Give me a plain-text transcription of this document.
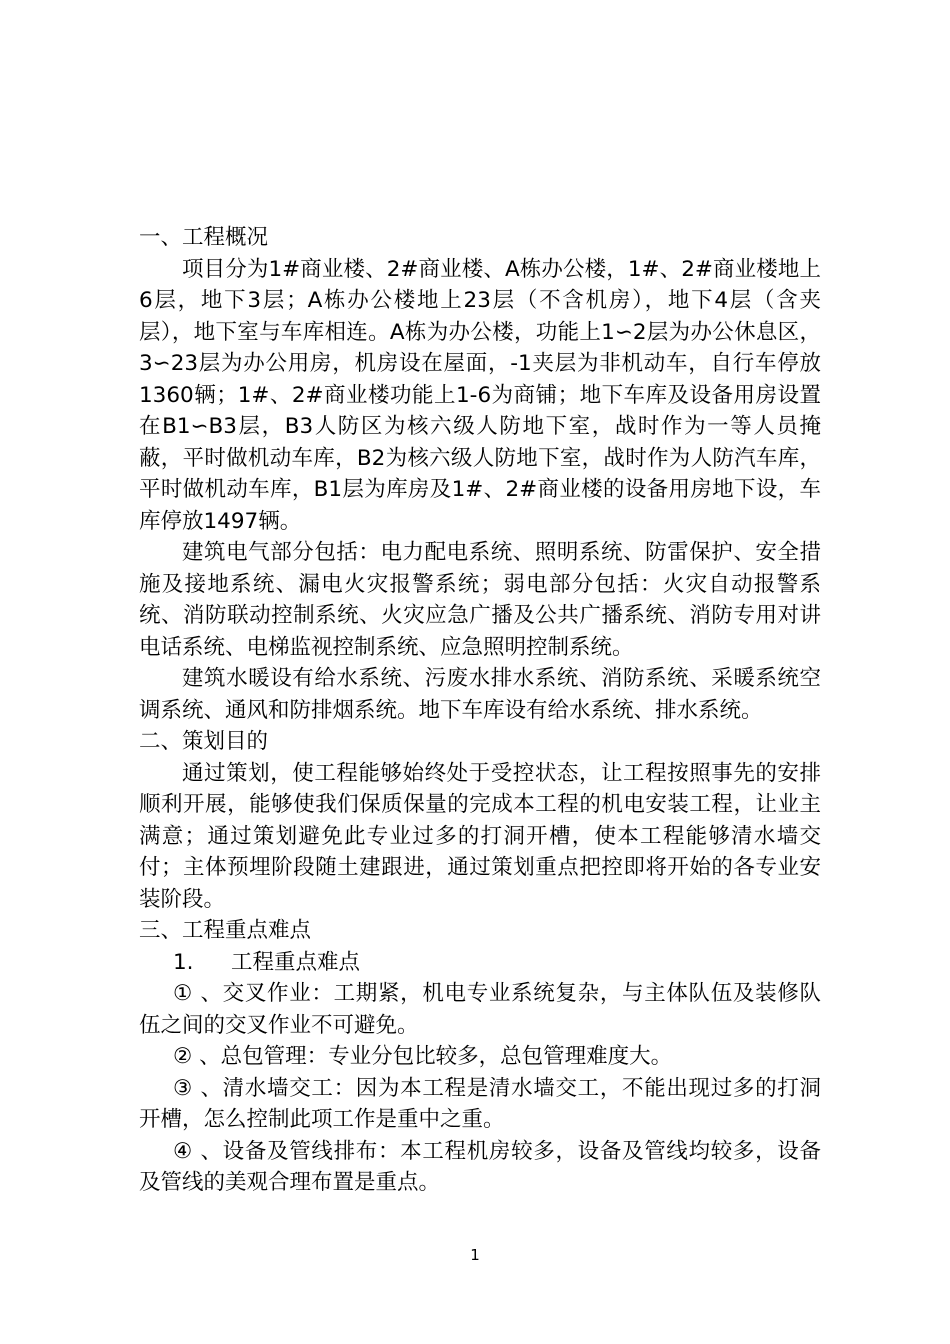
一、工程概况

项目分为1#商业楼、2#商业楼、A栋办公楼，1#、2#商业楼地上6层，地下3层；A栋办公楼地上23层（不含机房），地下4层（含夹层），地下室与车库相连。A栋为办公楼，功能上1∽2层为办公休息区，3∽23层为办公用房，机房设在屋面，-1夹层为非机动车，自行车停放1360辆；1#、2#商业楼功能上1-6为商铺；地下车库及设备用房设置在B1∽B3层，B3人防区为核六级人防地下室，战时作为一等人员掩蔽，平时做机动车库，B2为核六级人防地下室，战时作为人防汽车库，平时做机动车库，B1层为库房及1#、2#商业楼的设备用房地下设，车库停放1497辆。

建筑电气部分包括：电力配电系统、照明系统、防雷保护、安全措施及接地系统、漏电火灾报警系统；弱电部分包括：火灾自动报警系统、消防联动控制系统、火灾应急广播及公共广播系统、消防专用对讲电话系统、电梯监视控制系统、应急照明控制系统。

建筑水暖设有给水系统、污废水排水系统、消防系统、采暖系统空调系统、通风和防排烟系统。地下车库设有给水系统、排水系统。

二、策划目的

通过策划，使工程能够始终处于受控状态，让工程按照事先的安排顺利开展，能够使我们保质保量的完成本工程的机电安装工程，让业主满意；通过策划避免此专业过多的打洞开槽，使本工程能够清水墙交付；主体预埋阶段随土建跟进，通过策划重点把控即将开始的各专业安装阶段。

三、工程重点难点

1. 工程重点难点

① 、交叉作业：工期紧，机电专业系统复杂，与主体队伍及装修队伍之间的交叉作业不可避免。

② 、总包管理：专业分包比较多，总包管理难度大。

③ 、清水墙交工：因为本工程是清水墙交工，不能出现过多的打洞开槽，怎么控制此项工作是重中之重。

④ 、设备及管线排布：本工程机房较多，设备及管线均较多，设备及管线的美观合理布置是重点。

1
